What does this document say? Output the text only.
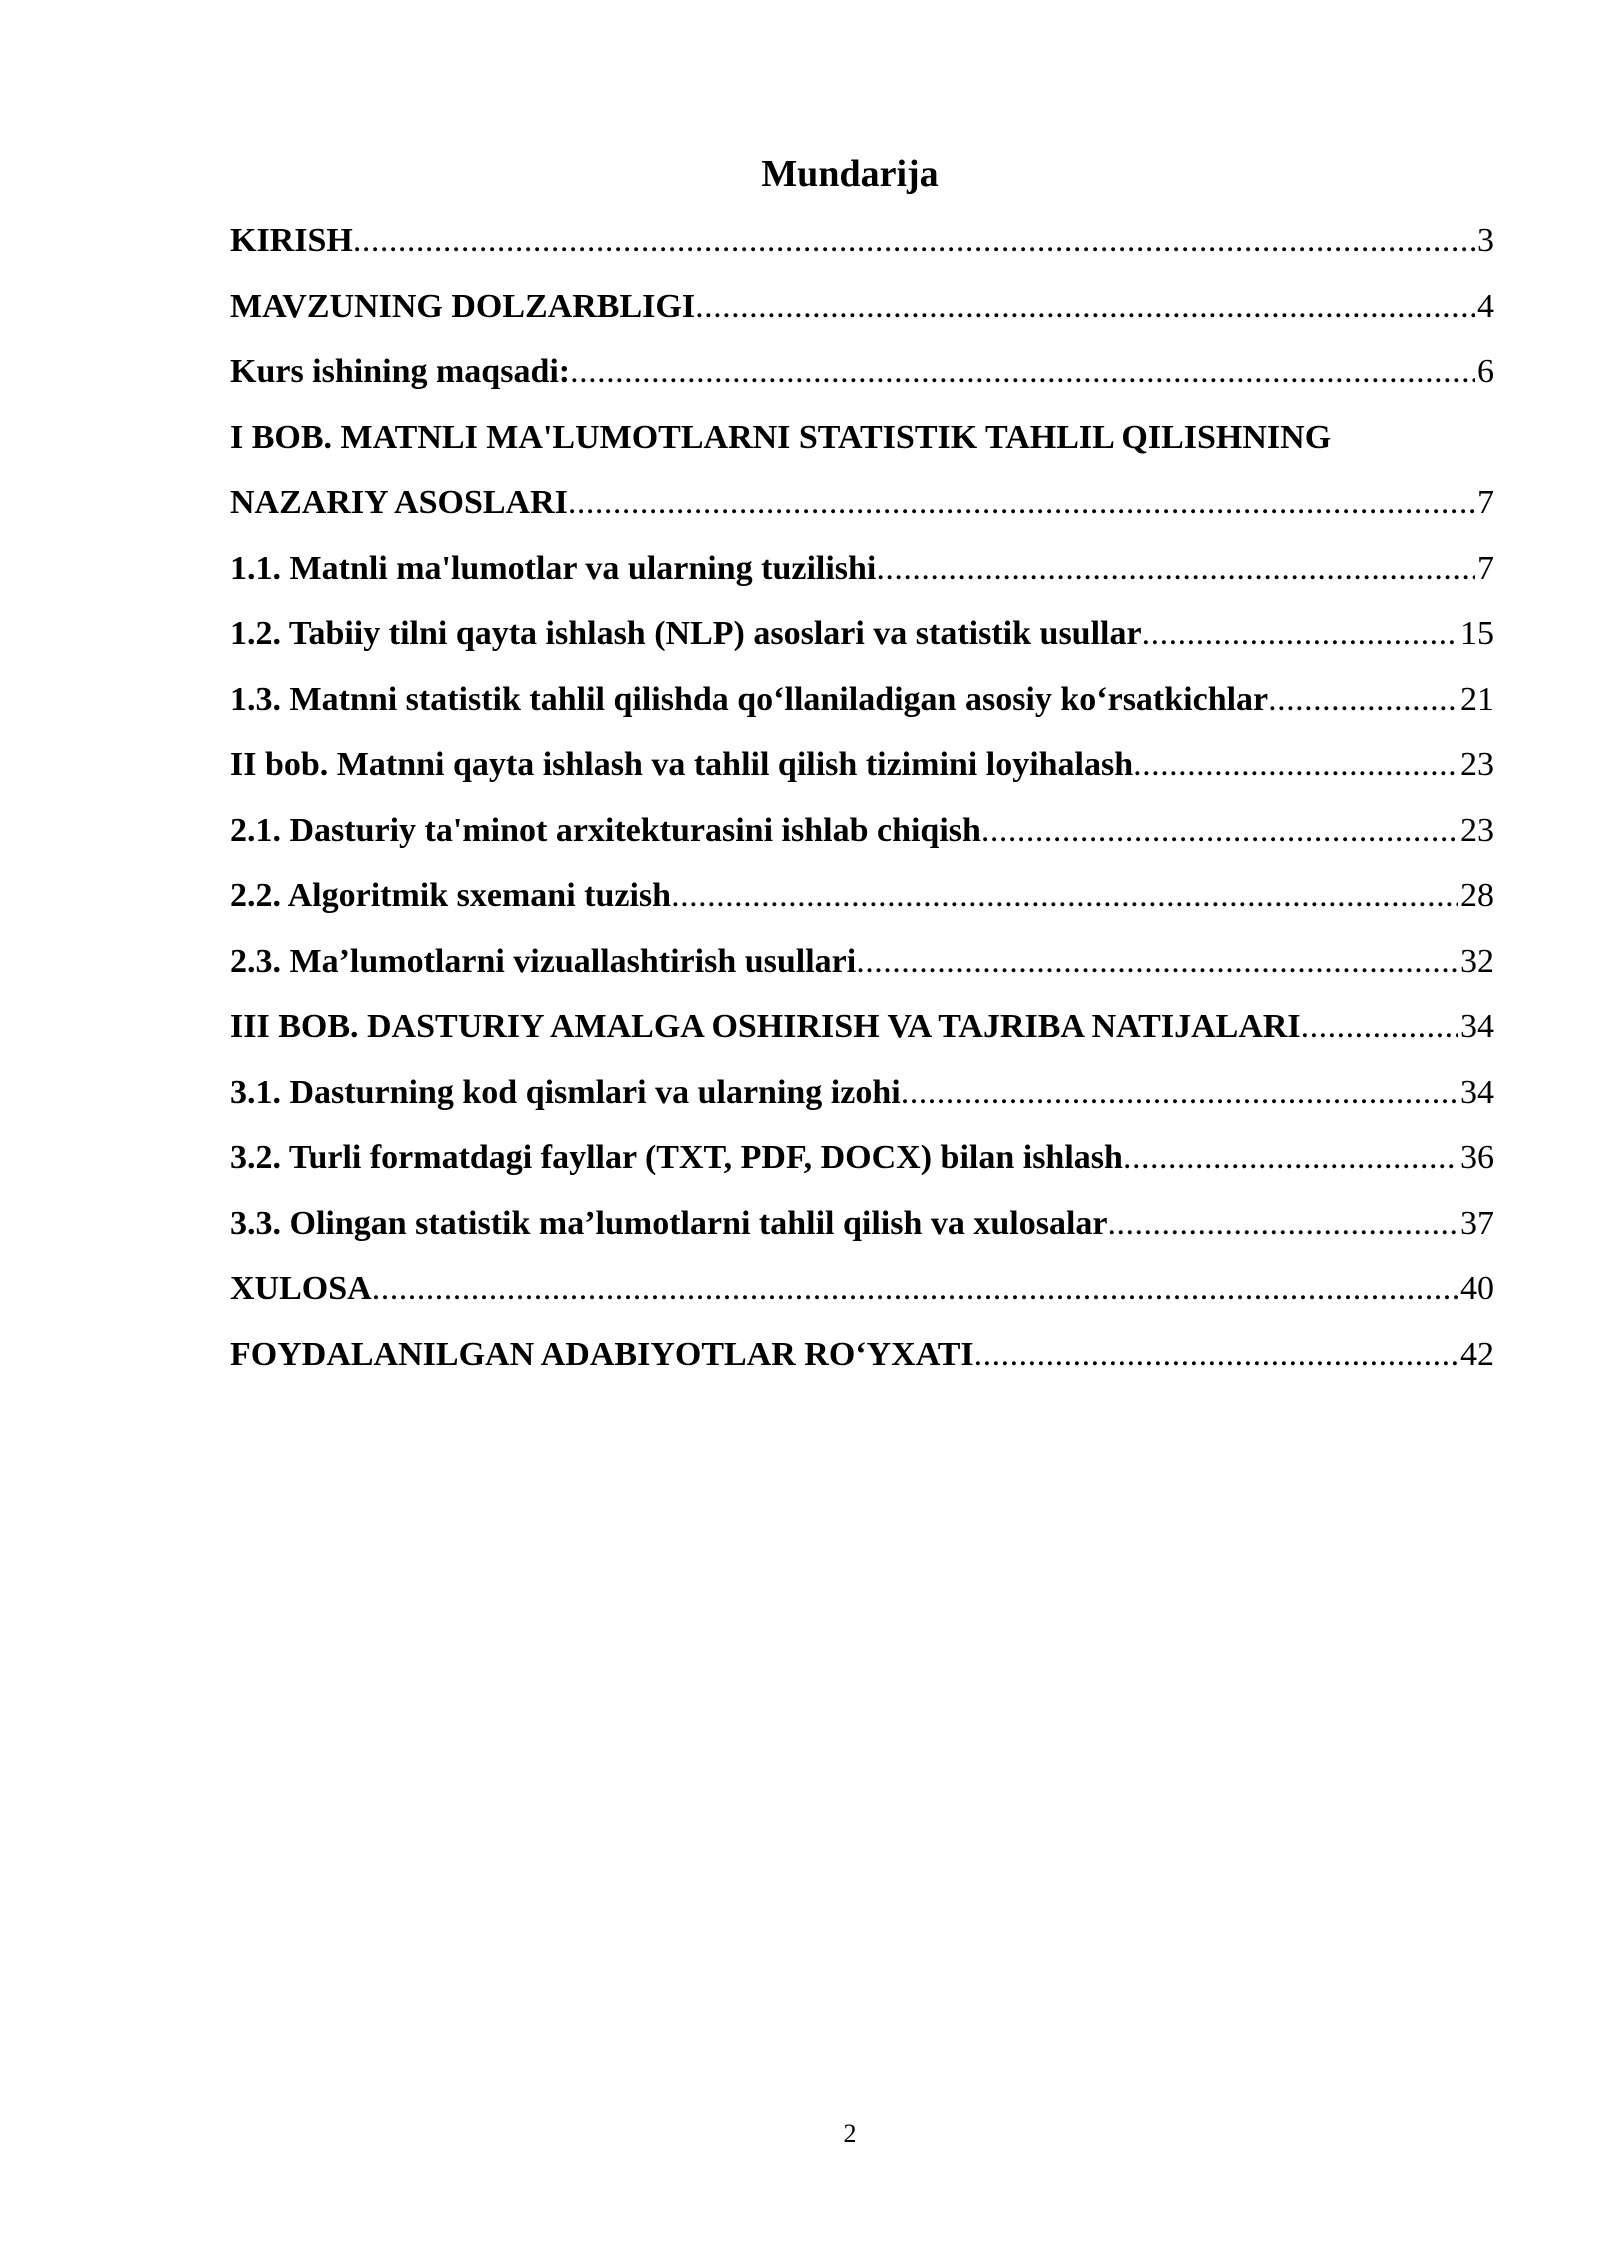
Mundarija
KIRISH .....	3
MAVZUNING DOLZARBLIGI .....	4
Kurs ishining maqsadi: .....	6
I BOB. MATNLI MA'LUMOTLARNI STATISTIK TAHLIL QILISHNING
NAZARIY ASOSLARI .....	7
1.1. Matnli ma'lumotlar va ularning tuzilishi .....	7
1.2. Tabiiy tilni qayta ishlash (NLP) asoslari va statistik usullar .....	15
1.3. Matnni statistik tahlil qilishda qo‘llaniladigan asosiy ko‘rsatkichlar .....	21
II bob. Matnni qayta ishlash va tahlil qilish tizimini loyihalash .....	23
2.1. Dasturiy ta'minot arxitekturasini ishlab chiqish .....	23
2.2. Algoritmik sxemani tuzish .....	28
2.3. Ma’lumotlarni vizuallashtirish usullari .....	32
III BOB. DASTURIY AMALGA OSHIRISH VA TAJRIBA NATIJALARI .....	34
3.1. Dasturning kod qismlari va ularning izohi .....	34
3.2. Turli formatdagi fayllar (TXT, PDF, DOCX) bilan ishlash .....	36
3.3. Olingan statistik ma’lumotlarni tahlil qilish va xulosalar .....	37
XULOSA .....	40
FOYDALANILGAN ADABIYOTLAR RO‘YXATI .....	42
2
